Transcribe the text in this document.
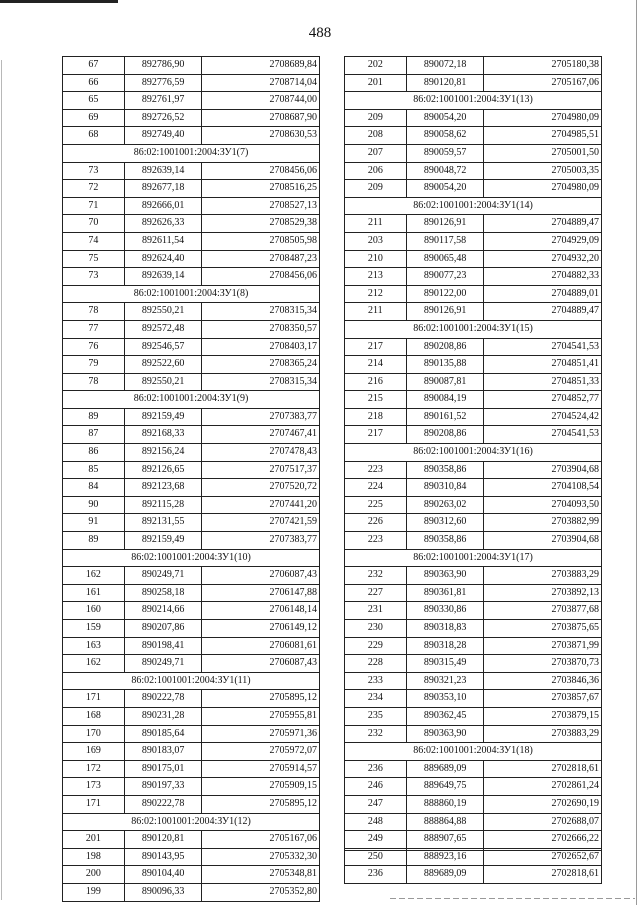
488
67	892786,90	2708689,84
66	892776,59	2708714,04
65	892761,97	2708744,00
69	892726,52	2708687,90
68	892749,40	2708630,53
86:02:1001001:2004:ЗУ1(7)		
73	892639,14	2708456,06
72	892677,18	2708516,25
71	892666,01	2708527,13
70	892626,33	2708529,38
74	892611,54	2708505,98
75	892624,40	2708487,23
73	892639,14	2708456,06
86:02:1001001:2004:ЗУ1(8)		
78	892550,21	2708315,34
77	892572,48	2708350,57
76	892546,57	2708403,17
79	892522,60	2708365,24
78	892550,21	2708315,34
86:02:1001001:2004:ЗУ1(9)		
89	892159,49	2707383,77
87	892168,33	2707467,41
86	892156,24	2707478,43
85	892126,65	2707517,37
84	892123,68	2707520,72
90	892115,28	2707441,20
91	892131,55	2707421,59
89	892159,49	2707383,77
86:02:1001001:2004:ЗУ1(10)		
162	890249,71	2706087,43
161	890258,18	2706147,88
160	890214,66	2706148,14
159	890207,86	2706149,12
163	890198,41	2706081,61
162	890249,71	2706087,43
86:02:1001001:2004:ЗУ1(11)		
171	890222,78	2705895,12
168	890231,28	2705955,81
170	890185,64	2705971,36
169	890183,07	2705972,07
172	890175,01	2705914,57
173	890197,33	2705909,15
171	890222,78	2705895,12
86:02:1001001:2004:ЗУ1(12)		
201	890120,81	2705167,06
198	890143,95	2705332,30
200	890104,40	2705348,81
199	890096,33	2705352,80
202	890072,18	2705180,38
201	890120,81	2705167,06
86:02:1001001:2004:ЗУ1(13)		
209	890054,20	2704980,09
208	890058,62	2704985,51
207	890059,57	2705001,50
206	890048,72	2705003,35
209	890054,20	2704980,09
86:02:1001001:2004:ЗУ1(14)		
211	890126,91	2704889,47
203	890117,58	2704929,09
210	890065,48	2704932,20
213	890077,23	2704882,33
212	890122,00	2704889,01
211	890126,91	2704889,47
86:02:1001001:2004:ЗУ1(15)		
217	890208,86	2704541,53
214	890135,88	2704851,41
216	890087,81	2704851,33
215	890084,19	2704852,77
218	890161,52	2704524,42
217	890208,86	2704541,53
86:02:1001001:2004:ЗУ1(16)		
223	890358,86	2703904,68
224	890310,84	2704108,54
225	890263,02	2704093,50
226	890312,60	2703882,99
223	890358,86	2703904,68
86:02:1001001:2004:ЗУ1(17)		
232	890363,90	2703883,29
227	890361,81	2703892,13
231	890330,86	2703877,68
230	890318,83	2703875,65
229	890318,28	2703871,99
228	890315,49	2703870,73
233	890321,23	2703846,36
234	890353,10	2703857,67
235	890362,45	2703879,15
232	890363,90	2703883,29
86:02:1001001:2004:ЗУ1(18)		
236	889689,09	2702818,61
246	889649,75	2702861,24
247	888860,19	2702690,19
248	888864,88	2702688,07
249	888907,65	2702666,22
250	888923,16	2702652,67
236	889689,09	2702818,61
